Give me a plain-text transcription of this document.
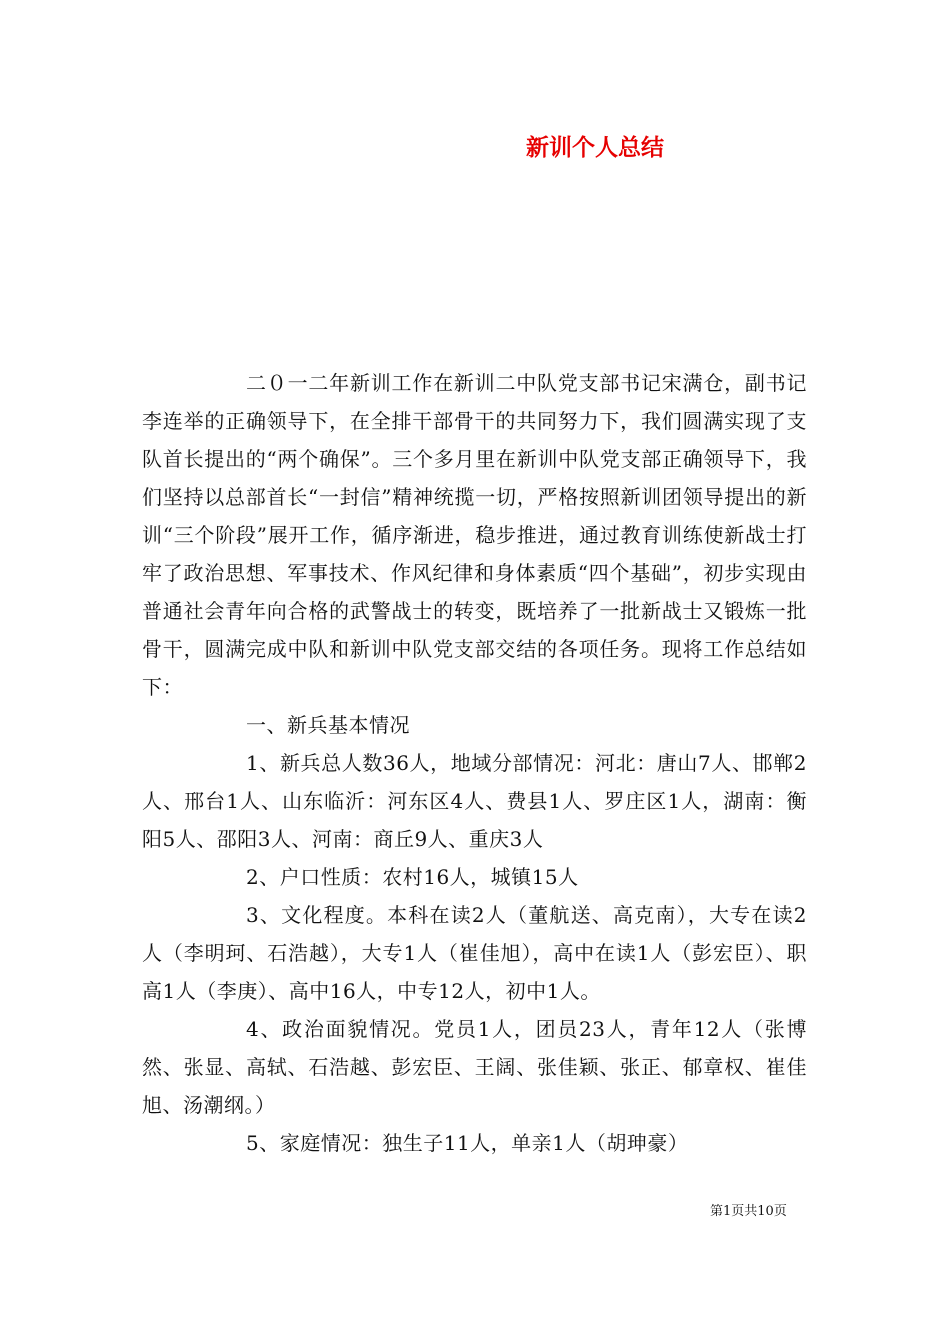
新训个人总结

二０一二年新训工作在新训二中队党支部书记宋满仓，副书记李连举的正确领导下，在全排干部骨干的共同努力下，我们圆满实现了支队首长提出的“两个确保”。三个多月里在新训中队党支部正确领导下，我们坚持以总部首长“一封信”精神统揽一切，严格按照新训团领导提出的新训“三个阶段”展开工作，循序渐进，稳步推进，通过教育训练使新战士打牢了政治思想、军事技术、作风纪律和身体素质“四个基础”，初步实现由普通社会青年向合格的武警战士的转变，既培养了一批新战士又锻炼一批骨干，圆满完成中队和新训中队党支部交结的各项任务。现将工作总结如下：

一、新兵基本情况

1、新兵总人数36人，地域分部情况：河北：唐山7人、邯郸2人、邢台1人、山东临沂：河东区4人、费县1人、罗庄区1人，湖南：衡阳5人、邵阳3人、河南：商丘9人、重庆3人

2、户口性质：农村16人，城镇15人

3、文化程度。本科在读2人（董航送、高克南），大专在读2人（李明珂、石浩越），大专1人（崔佳旭），高中在读1人（彭宏臣）、职高1人（李庚）、高中16人，中专12人，初中1人。

4、政治面貌情况。党员1人，团员23人，青年12人（张博然、张显、高轼、石浩越、彭宏臣、王阔、张佳颖、张正、郁章权、崔佳旭、汤潮纲。）

5、家庭情况：独生子11人，单亲1人（胡珅豪）

第1页共10页
